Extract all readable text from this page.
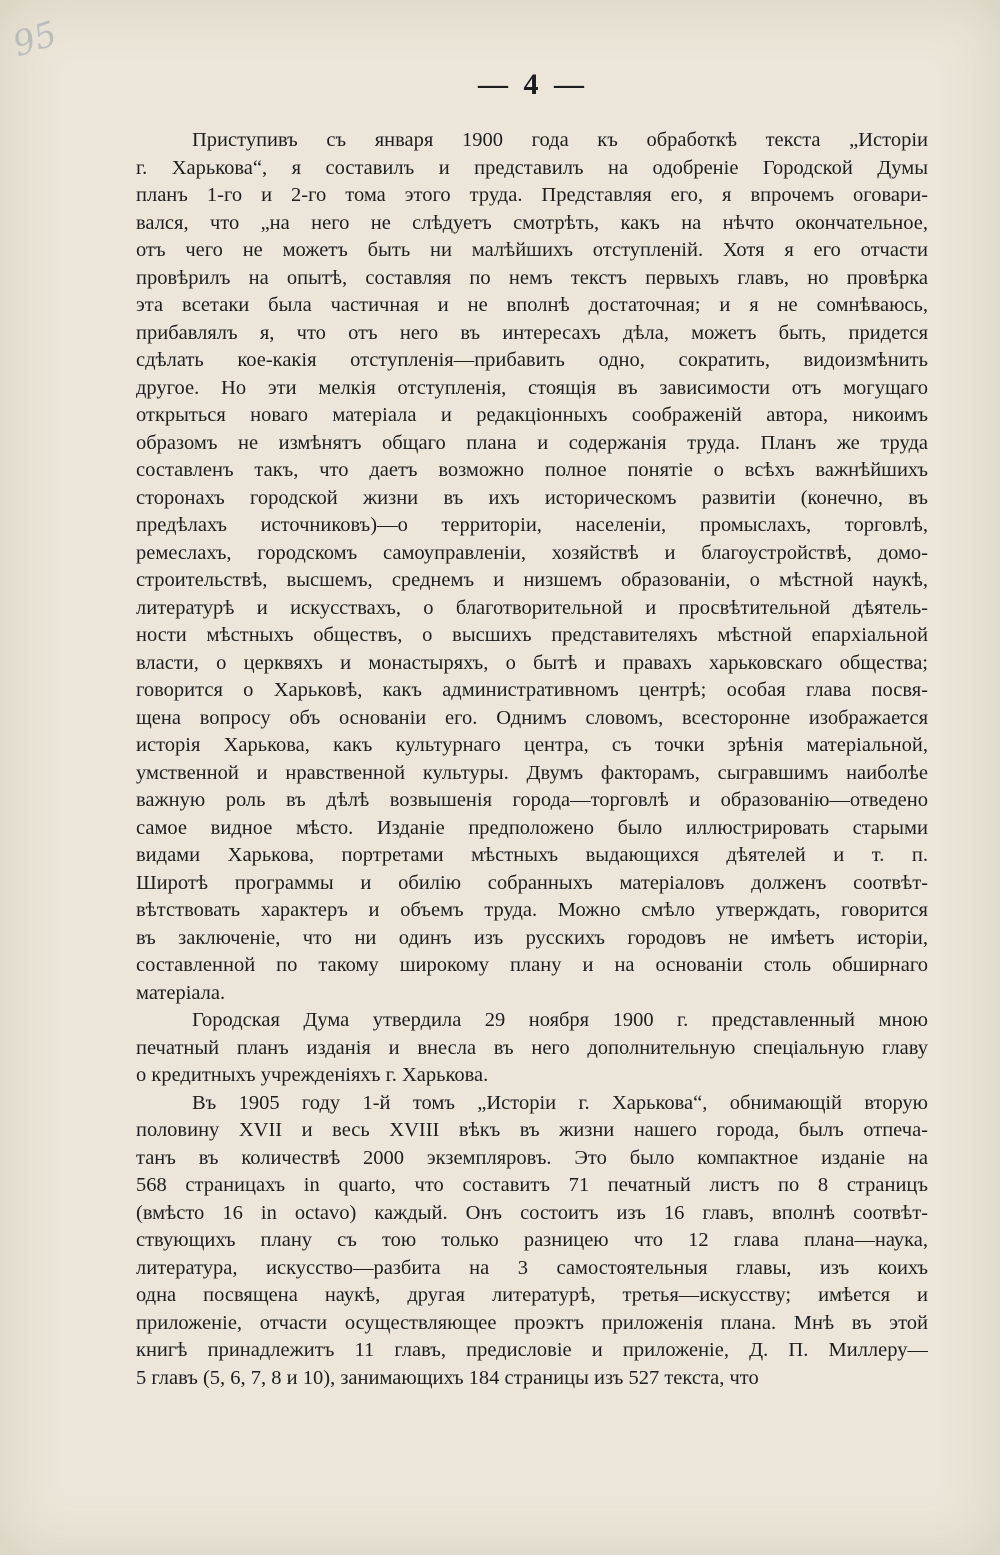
95
— 4 —
Приступивъ съ января 1900 года къ обработкѣ текста „Исторіи
г. Харькова“, я составилъ и представилъ на одобреніе Городской Думы
планъ 1-го и 2-го тома этого труда. Представляя его, я впрочемъ оговари-
вался, что „на него не слѣдуетъ смотрѣть, какъ на нѣчто окончательное,
отъ чего не можетъ быть ни малѣйшихъ отступленій. Хотя я его отчасти
провѣрилъ на опытѣ, составляя по немъ текстъ первыхъ главъ, но провѣрка
эта всетаки была частичная и не вполнѣ достаточная; и я не сомнѣваюсь,
прибавлялъ я, что отъ него въ интересахъ дѣла, можетъ быть, придется
сдѣлать кое-какія отступленія—прибавить одно, сократить, видоизмѣнить
другое. Но эти мелкія отступленія, стоящія въ зависимости отъ могущаго
открыться новаго матеріала и редакціонныхъ соображеній автора, никоимъ
образомъ не измѣнятъ общаго плана и содержанія труда. Планъ же труда
составленъ такъ, что даетъ возможно полное понятіе о всѣхъ важнѣйшихъ
сторонахъ городской жизни въ ихъ историческомъ развитіи (конечно, въ
предѣлахъ источниковъ)—о территоріи, населеніи, промыслахъ, торговлѣ,
ремеслахъ, городскомъ самоуправленіи, хозяйствѣ и благоустройствѣ, домо-
строительствѣ, высшемъ, среднемъ и низшемъ образованіи, о мѣстной наукѣ,
литературѣ и искусствахъ, о благотворительной и просвѣтительной дѣятель-
ности мѣстныхъ обществъ, о высшихъ представителяхъ мѣстной епархіальной
власти, о церквяхъ и монастыряхъ, о бытѣ и правахъ харьковскаго общества;
говорится о Харьковѣ, какъ административномъ центрѣ; особая глава посвя-
щена вопросу объ основаніи его. Однимъ словомъ, всесторонне изображается
исторія Харькова, какъ культурнаго центра, съ точки зрѣнія матеріальной,
умственной и нравственной культуры. Двумъ факторамъ, сыгравшимъ наиболѣе
важную роль въ дѣлѣ возвышенія города—торговлѣ и образованію—отведено
самое видное мѣсто. Изданіе предположено было иллюстрировать старыми
видами Харькова, портретами мѣстныхъ выдающихся дѣятелей и т. п.
Широтѣ программы и обилію собранныхъ матеріаловъ долженъ соотвѣт-
вѣтствовать характеръ и объемъ труда. Можно смѣло утверждать, говорится
въ заключеніе, что ни одинъ изъ русскихъ городовъ не имѣетъ исторіи,
составленной по такому широкому плану и на основаніи столь обширнаго
матеріала.
Городская Дума утвердила 29 ноября 1900 г. представленный мною
печатный планъ изданія и внесла въ него дополнительную спеціальную главу
о кредитныхъ учрежденіяхъ г. Харькова.
Въ 1905 году 1-й томъ „Исторіи г. Харькова“, обнимающій вторую
половину XVII и весь XVIII вѣкъ въ жизни нашего города, былъ отпеча-
танъ въ количествѣ 2000 экземпляровъ. Это было компактное изданіе на
568 страницахъ in quarto, что составитъ 71 печатный листъ по 8 страницъ
(вмѣсто 16 in octavo) каждый. Онъ состоитъ изъ 16 главъ, вполнѣ соотвѣт-
ствующихъ плану съ тою только разницею что 12 глава плана—наука,
литература, искусство—разбита на 3 самостоятельныя главы, изъ коихъ
одна посвящена наукѣ, другая литературѣ, третья—искусству; имѣется и
приложеніе, отчасти осуществляющее проэктъ приложенія плана. Мнѣ въ этой
книгѣ принадлежитъ 11 главъ, предисловіе и приложеніе, Д. П. Миллеру—
5 главъ (5, 6, 7, 8 и 10), занимающихъ 184 страницы изъ 527 текста, что
